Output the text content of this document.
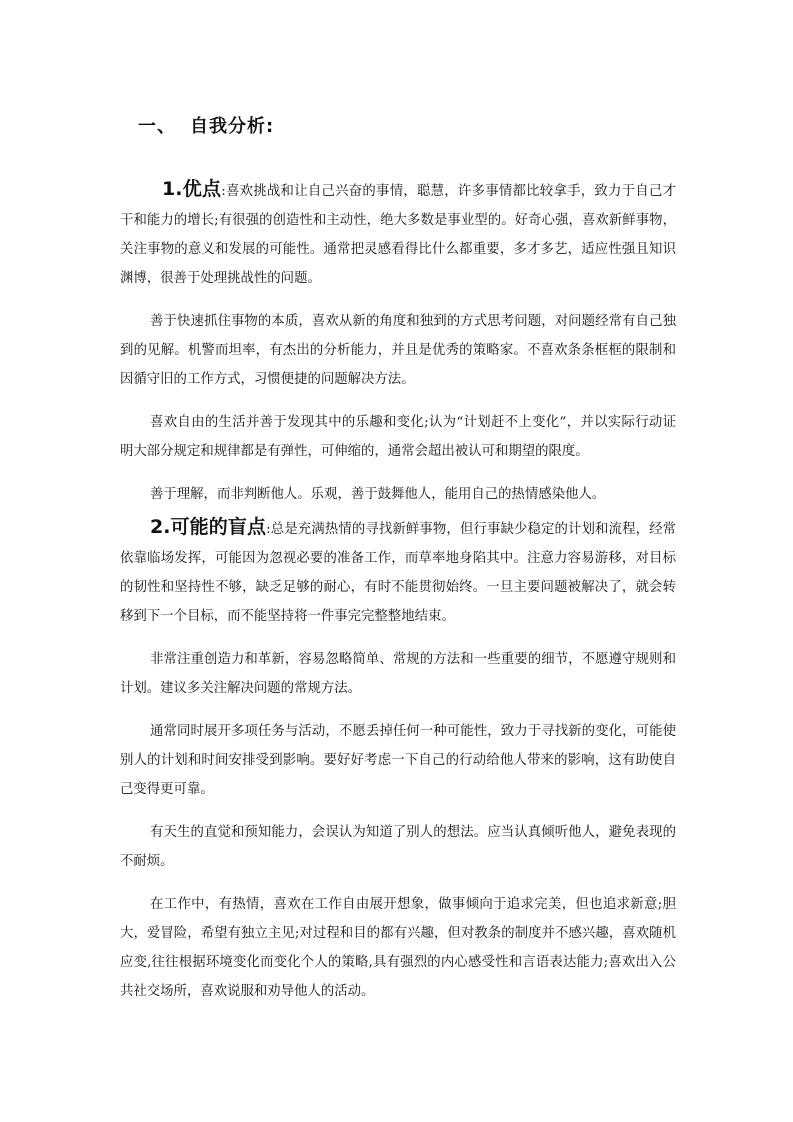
一、 自我分析:

1.优点:喜欢挑战和让自己兴奋的事情，聪慧，许多事情都比较拿手，致力于自己才干和能力的增长;有很强的创造性和主动性，绝大多数是事业型的。好奇心强，喜欢新鲜事物，关注事物的意义和发展的可能性。通常把灵感看得比什么都重要，多才多艺，适应性强且知识渊博，很善于处理挑战性的问题。

善于快速抓住事物的本质，喜欢从新的角度和独到的方式思考问题，对问题经常有自己独到的见解。机警而坦率，有杰出的分析能力，并且是优秀的策略家。不喜欢条条框框的限制和因循守旧的工作方式，习惯便捷的问题解决方法。

喜欢自由的生活并善于发现其中的乐趣和变化;认为“计划赶不上变化”，并以实际行动证明大部分规定和规律都是有弹性，可伸缩的，通常会超出被认可和期望的限度。

善于理解，而非判断他人。乐观，善于鼓舞他人，能用自己的热情感染他人。

2.可能的盲点:总是充满热情的寻找新鲜事物，但行事缺少稳定的计划和流程，经常依靠临场发挥，可能因为忽视必要的准备工作，而草率地身陷其中。注意力容易游移，对目标的韧性和坚持性不够，缺乏足够的耐心，有时不能贯彻始终。一旦主要问题被解决了，就会转移到下一个目标，而不能坚持将一件事完完整整地结束。

非常注重创造力和革新，容易忽略简单、常规的方法和一些重要的细节，不愿遵守规则和计划。建议多关注解决问题的常规方法。

通常同时展开多项任务与活动，不愿丢掉任何一种可能性，致力于寻找新的变化，可能使别人的计划和时间安排受到影响。要好好考虑一下自己的行动给他人带来的影响，这有助使自己变得更可靠。

有天生的直觉和预知能力，会误认为知道了别人的想法。应当认真倾听他人，避免表现的不耐烦。

在工作中，有热情，喜欢在工作自由展开想象，做事倾向于追求完美，但也追求新意;胆大，爱冒险，希望有独立主见;对过程和目的都有兴趣，但对教条的制度并不感兴趣，喜欢随机应变,往往根据环境变化而变化个人的策略,具有强烈的内心感受性和言语表达能力;喜欢出入公共社交场所，喜欢说服和劝导他人的活动。
